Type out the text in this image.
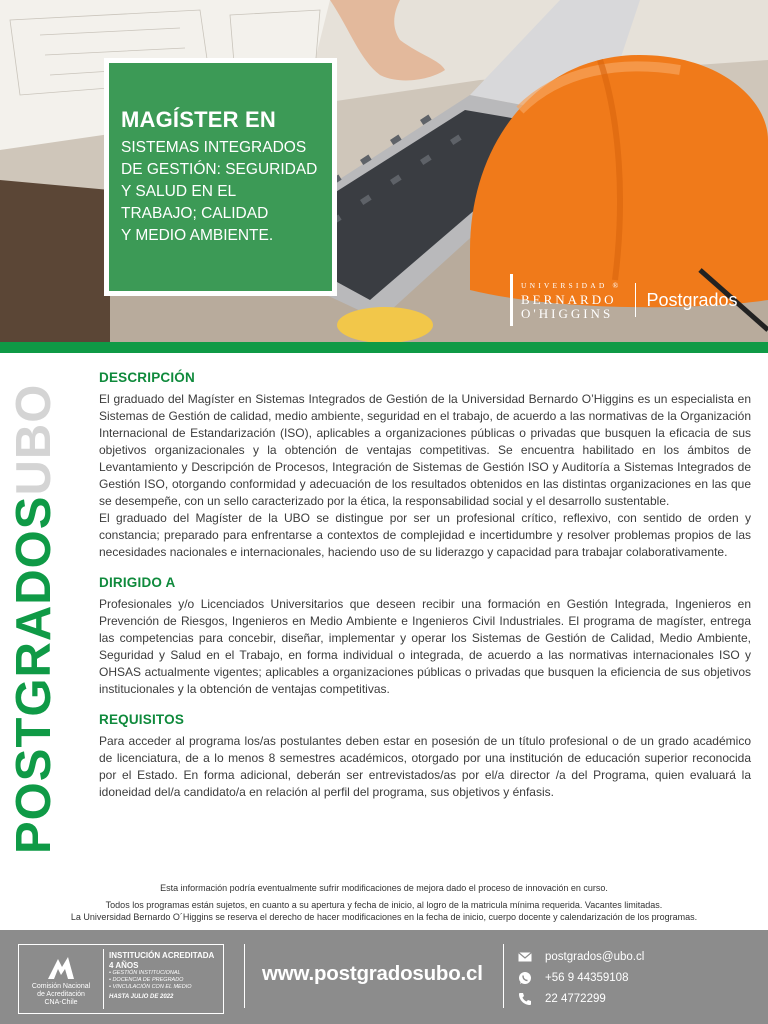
MAGÍSTER EN
SISTEMAS INTEGRADOS
DE GESTIÓN: SEGURIDAD
Y SALUD EN EL
TRABAJO; CALIDAD
Y MEDIO AMBIENTE.
UNIVERSIDAD ®
BERNARDO
O'HIGGINS
Postgrados
POSTGRADOSUBO
DESCRIPCIÓN

El graduado del Magíster en Sistemas Integrados de Gestión de la Universidad Bernardo O’Higgins es un especialista en Sistemas de Gestión de calidad, medio ambiente, seguridad en el trabajo, de acuerdo a las normativas de la Organización Internacional de Estandarización (ISO), aplicables a organizaciones públicas o privadas que busquen la eficacia de sus objetivos organizacionales y la obtención de ventajas competitivas. Se encuentra habilitado en los ámbitos de Levantamiento y Descripción de Procesos, Integración de Sistemas de Gestión ISO y Auditoría a Sistemas Integrados de Gestión ISO, otorgando conformidad y adecuación de los resultados obtenidos en las distintas organizaciones en las que se desempeñe, con un sello caracterizado por la ética, la responsabilidad social y el desarrollo sustentable.

El graduado del Magíster de la UBO se distingue por ser un profesional crítico, reflexivo, con sentido de orden y constancia; preparado para enfrentarse a contextos de complejidad e incertidumbre y resolver problemas propios de las necesidades nacionales e internacionales, haciendo uso de su liderazgo y capacidad para trabajar colaborativamente.

DIRIGIDO A

Profesionales y/o Licenciados Universitarios que deseen recibir una formación en Gestión Integrada, Ingenieros en Prevención de Riesgos, Ingenieros en Medio Ambiente e Ingenieros Civil Industriales. El programa de magíster, entrega las competencias para concebir, diseñar, implementar y operar los Sistemas de Gestión de Calidad, Medio Ambiente, Seguridad y Salud en el Trabajo, en forma individual o integrada, de acuerdo a las normativas internacionales ISO y OHSAS actualmente vigentes; aplicables a organizaciones públicas o privadas que busquen la eficiencia de sus objetivos institucionales y la obtención de ventajas competitivas.

REQUISITOS

Para acceder al programa los/as postulantes deben estar en posesión de un título profesional o de un grado académico de licenciatura, de a lo menos 8 semestres académicos, otorgado por una institución de educación superior reconocida por el Estado. En forma adicional, deberán ser entrevistados/as por el/a director /a del Programa, quien evaluará la idoneidad del/a candidato/a en relación al perfil del programa, sus objetivos y énfasis.

Esta información podría eventualmente sufrir modificaciones de mejora dado el proceso de innovación en curso.
Todos los programas están sujetos, en cuanto a su apertura y fecha de inicio, al logro de la matricula mínima requerida. Vacantes limitadas.
La Universidad Bernardo O´Higgins se reserva el derecho de hacer modificaciones en la fecha de inicio, cuerpo docente y calendarización de los programas.
Comisión Nacional
de Acreditación
CNA-Chile
INSTITUCIÓN ACREDITADA
4 AÑOS
• GESTIÓN INSTITUCIONAL
• DOCENCIA DE PREGRADO
• VINCULACIÓN CON EL MEDIO
HASTA JULIO DE 2022
www.postgradosubo.cl
postgrados@ubo.cl
+56 9 44359108
22 4772299
